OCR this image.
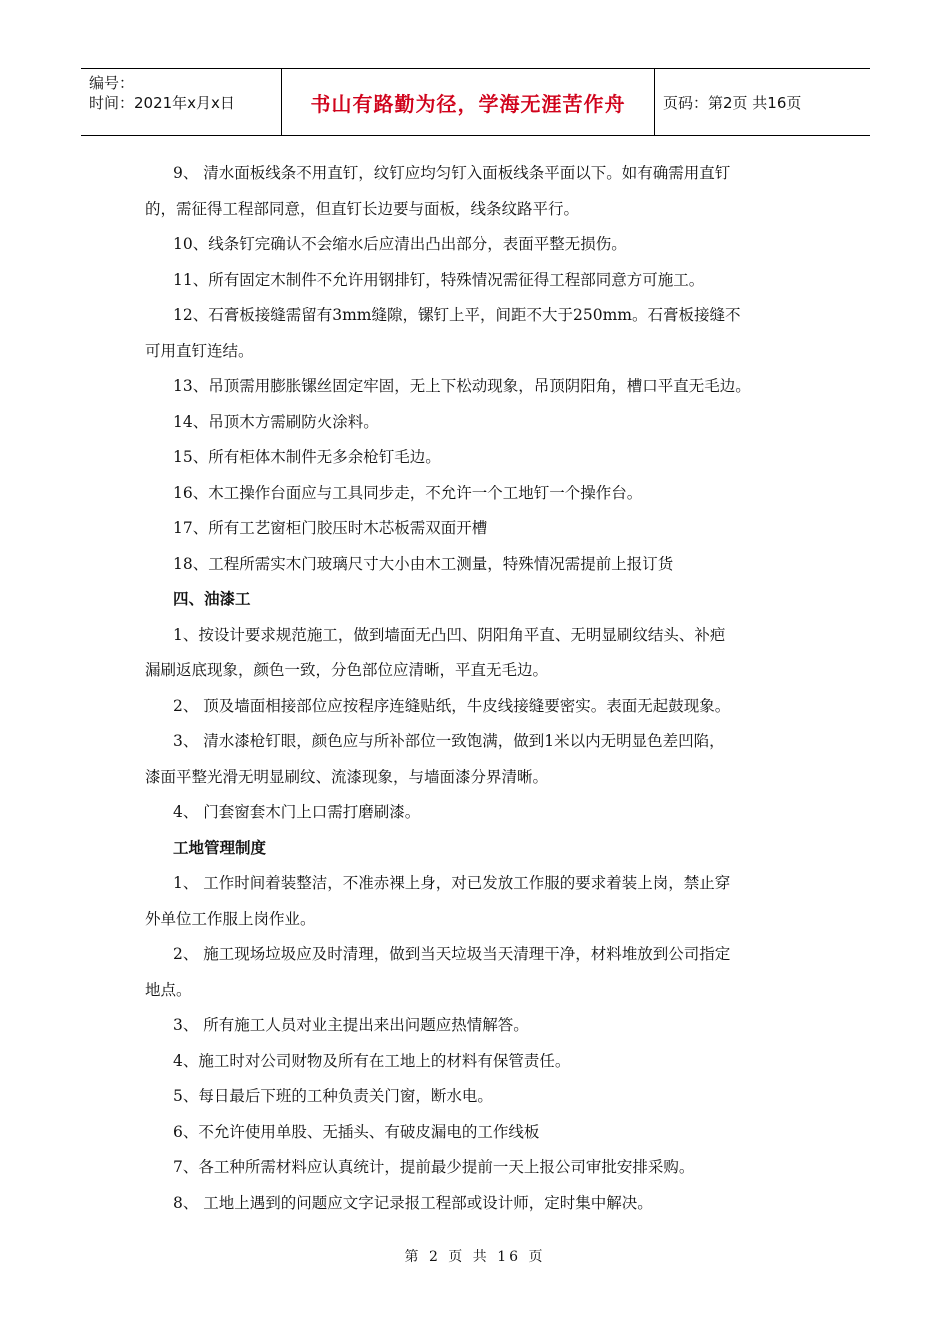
编号：
时间：2021年x月x日	书山有路勤为径，学海无涯苦作舟	页码：第2页 共16页

9、 清水面板线条不用直钉，纹钉应均匀钉入面板线条平面以下。如有确需用直钉

的，需征得工程部同意，但直钉长边要与面板，线条纹路平行。

10、线条钉完确认不会缩水后应清出凸出部分，表面平整无损伤。

11、所有固定木制件不允许用钢排钉，特殊情况需征得工程部同意方可施工。

12、石膏板接缝需留有3mm缝隙，镙钉上平，间距不大于250mm。石膏板接缝不

可用直钉连结。

13、吊顶需用膨胀镙丝固定牢固，无上下松动现象，吊顶阴阳角，槽口平直无毛边。

14、吊顶木方需刷防火涂料。

15、所有柜体木制件无多余枪钉毛边。

16、木工操作台面应与工具同步走，不允许一个工地钉一个操作台。

17、所有工艺窗柜门胶压时木芯板需双面开槽

18、工程所需实木门玻璃尺寸大小由木工测量，特殊情况需提前上报订货

四、油漆工

1、按设计要求规范施工，做到墙面无凸凹、阴阳角平直、无明显刷纹结头、补疤

漏刷返底现象，颜色一致，分色部位应清晰，平直无毛边。

2、 顶及墙面相接部位应按程序连缝贴纸，牛皮线接缝要密实。表面无起鼓现象。

3、 清水漆枪钉眼，颜色应与所补部位一致饱满，做到1米以内无明显色差凹陷，

漆面平整光滑无明显刷纹、流漆现象，与墙面漆分界清晰。

4、 门套窗套木门上口需打磨刷漆。

工地管理制度

1、 工作时间着装整洁，不准赤裸上身，对已发放工作服的要求着装上岗，禁止穿

外单位工作服上岗作业。

2、 施工现场垃圾应及时清理，做到当天垃圾当天清理干净，材料堆放到公司指定

地点。

3、 所有施工人员对业主提出来出问题应热情解答。

4、施工时对公司财物及所有在工地上的材料有保管责任。

5、每日最后下班的工种负责关门窗，断水电。

6、不允许使用单股、无插头、有破皮漏电的工作线板

7、各工种所需材料应认真统计，提前最少提前一天上报公司审批安排采购。

8、 工地上遇到的问题应文字记录报工程部或设计师，定时集中解决。

第 2 页 共 16 页
